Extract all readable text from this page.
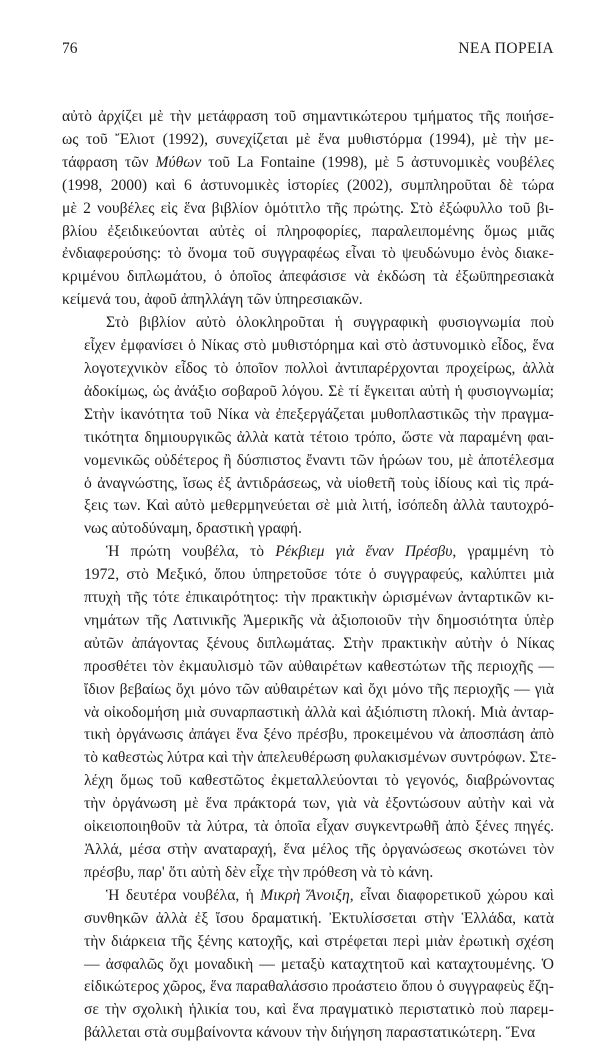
76	ΝΕΑ ΠΟΡΕΙΑ

αὐτὸ ἀρχίζει μὲ τὴν μετάφραση τοῦ σημαντικώτερου τμήματος τῆς ποιήσε-
ως τοῦ Ἔλιοτ (1992), συνεχίζεται μὲ ἕνα μυθιστόρμα (1994), μὲ τὴν με-
τάφραση τῶν Μύθων τοῦ La Fontaine (1998), μὲ 5 ἀστυνομικὲς νουβέλες
(1998, 2000) καὶ 6 ἀστυνομικὲς ἱστορίες (2002), συμπληροῦται δὲ τώρα
μὲ 2 νουβέλες εἰς ἕνα βιβλίον ὁμότιτλο τῆς πρώτης. Στὸ ἐξώφυλλο τοῦ βι-
βλίου ἐξειδικεύονται αὐτὲς οἱ πληροφορίες, παραλειπομένης ὅμως μιᾶς
ἐνδιαφερούσης: τὸ ὄνομα τοῦ συγγραφέως εἶναι τὸ ψευδώνυμο ἑνὸς διακε-
κριμένου διπλωμάτου, ὁ ὁποῖος ἀπεφάσισε νὰ ἐκδώση τὰ ἐξωϋπηρεσιακὰ
κείμενά του, ἀφοῦ ἀπηλλάγη τῶν ὑπηρεσιακῶν.

Στὸ βιβλίον αὐτὸ ὁλοκληροῦται ἡ συγγραφικὴ φυσιογνωμία ποὺ
εἶχεν ἐμφανίσει ὁ Νίκας στὸ μυθιστόρημα καὶ στὸ ἀστυνομικὸ εἶδος, ἕνα
λογοτεχνικὸν εἶδος τὸ ὁποῖον πολλοὶ ἀντιπαρέρχονται προχείρως, ἀλλὰ
ἀδοκίμως, ὡς ἀνάξιο σοβαροῦ λόγου. Σὲ τί ἔγκειται αὐτὴ ἡ φυσιογνωμία;
Στὴν ἱκανότητα τοῦ Νίκα νὰ ἐπεξεργάζεται μυθοπλαστικῶς τὴν πραγμα-
τικότητα δημιουργικῶς ἀλλὰ κατὰ τέτοιο τρόπο, ὥστε νὰ παραμένη φαι-
νομενικῶς οὐδέτερος ἢ δύσπιστος ἔναντι τῶν ἡρώων του, μὲ ἀποτέλεσμα
ὁ ἀναγνώστης, ἴσως ἐξ ἀντιδράσεως, νὰ υἱοθετῆ τοὺς ἰδίους καὶ τὶς πρά-
ξεις των. Καὶ αὐτὸ μεθερμηνεύεται σὲ μιὰ λιτή, ἰσόπεδη ἀλλὰ ταυτοχρό-
νως αὐτοδύναμη, δραστικὴ γραφή.

Ἡ πρώτη νουβέλα, τὸ Ρέκβιεμ γιὰ ἕναν Πρέσβυ, γραμμένη τὸ
1972, στὸ Μεξικό, ὅπου ὑπηρετοῦσε τότε ὁ συγγραφεύς, καλύπτει μιὰ
πτυχὴ τῆς τότε ἐπικαιρότητος: τὴν πρακτικὴν ὡρισμένων ἀνταρτικῶν κι-
νημάτων τῆς Λατινικῆς Ἀμερικῆς νὰ ἀξιοποιοῦν τὴν δημοσιότητα ὑπὲρ
αὐτῶν ἀπάγοντας ξένους διπλωμάτας. Στὴν πρακτικὴν αὐτὴν ὁ Νίκας
προσθέτει τὸν ἐκμαυλισμὸ τῶν αὐθαιρέτων καθεστώτων τῆς περιοχῆς —
ἴδιον βεβαίως ὄχι μόνο τῶν αὐθαιρέτων καὶ ὄχι μόνο τῆς περιοχῆς — γιὰ
νὰ οἰκοδομήση μιὰ συναρπαστικὴ ἀλλὰ καὶ ἀξιόπιστη πλοκή. Μιὰ ἀνταρ-
τικὴ ὀργάνωσις ἀπάγει ἕνα ξένο πρέσβυ, προκειμένου νὰ ἀποσπάση ἀπὸ
τὸ καθεστὼς λύτρα καὶ τὴν ἀπελευθέρωση φυλακισμένων συντρόφων. Στε-
λέχη ὅμως τοῦ καθεστῶτος ἐκμεταλλεύονται τὸ γεγονός, διαβρώνοντας
τὴν ὀργάνωση μὲ ἕνα πράκτορά των, γιὰ νὰ ἐξοντώσουν αὐτὴν καὶ νὰ
οἰκειοποιηθοῦν τὰ λύτρα, τὰ ὁποῖα εἶχαν συγκεντρωθῆ ἀπὸ ξένες πηγές.
Ἀλλά, μέσα στὴν αναταραχή, ἕνα μέλος τῆς ὀργανώσεως σκοτώνει τὸν
πρέσβυ, παρ' ὅτι αὐτὴ δὲν εἶχε τὴν πρόθεση νὰ τὸ κάνη.

Ἡ δευτέρα νουβέλα, ἡ Μικρὴ Ἄνοιξη, εἶναι διαφορετικοῦ χώρου καὶ
συνθηκῶν ἀλλὰ ἐξ ἴσου δραματική. Ἐκτυλίσσεται στὴν Ἑλλάδα, κατὰ
τὴν διάρκεια τῆς ξένης κατοχῆς, καὶ στρέφεται περὶ μιὰν ἐρωτικὴ σχέση
— ἀσφαλῶς ὄχι μοναδικὴ — μεταξὺ καταχτητοῦ καὶ καταχτουμένης. Ὁ
εἰδικώτερος χῶρος, ἕνα παραθαλάσσιο προάστειο ὅπου ὁ συγγραφεὺς ἔζη-
σε τὴν σχολικὴ ἡλικία του, καὶ ἕνα πραγματικὸ περιστατικὸ ποὺ παρεμ-
βάλλεται στὰ συμβαίνοντα κάνουν τὴν διήγηση παραστατικώτερη. Ἕνα
